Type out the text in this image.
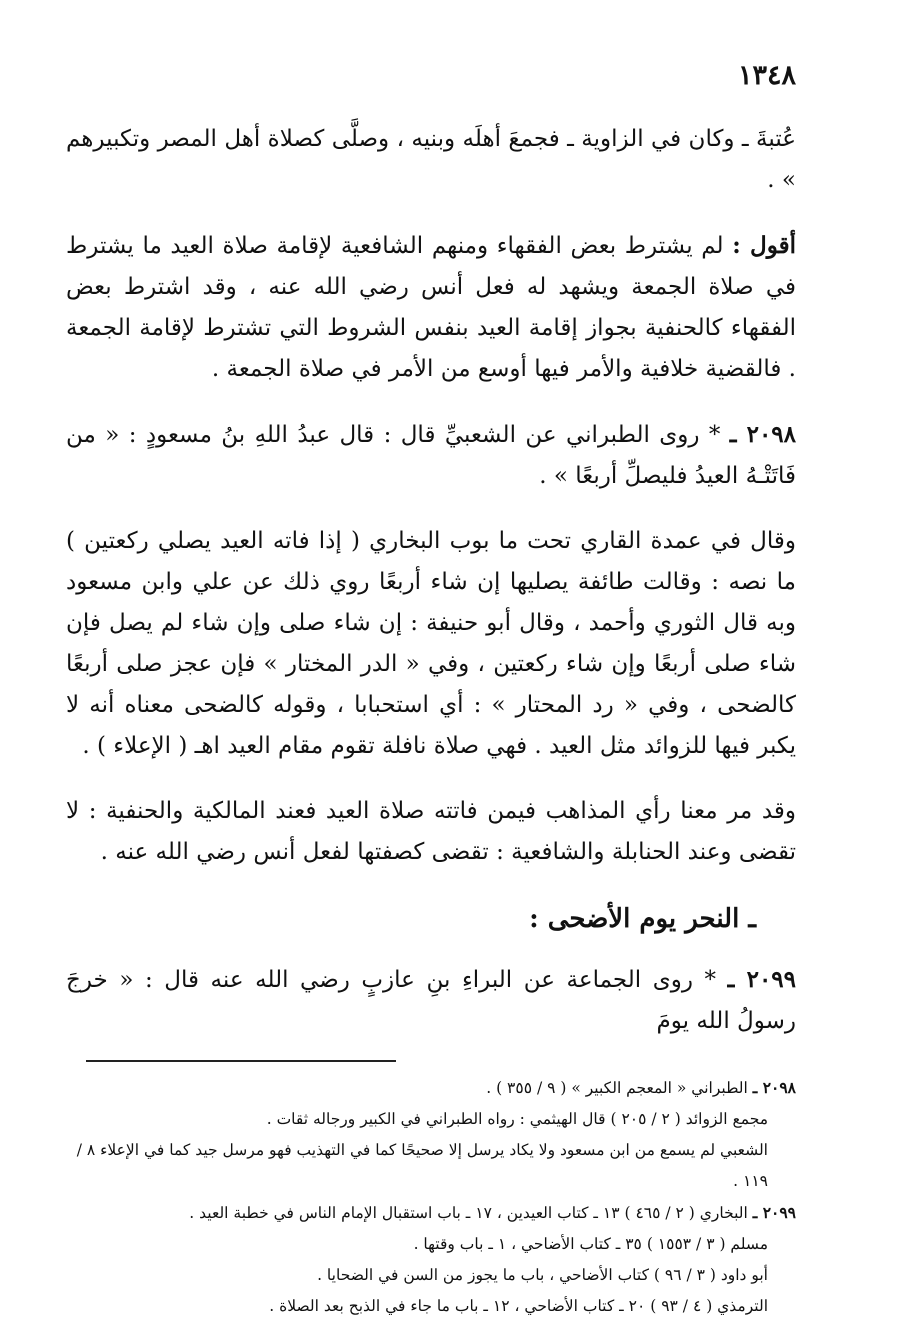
١٣٤٨

عُتبةَ ـ وكان في الزاوية ـ فجمعَ أهلَه وبنيه ، وصلَّى كصلاة أهل المصر وتكبيرهم » .

أقول : لم يشترط بعض الفقهاء ومنهم الشافعية لإقامة صلاة العيد ما يشترط في صلاة الجمعة ويشهد له فعل أنس رضي الله عنه ، وقد اشترط بعض الفقهاء كالحنفية بجواز إقامة العيد بنفس الشروط التي تشترط لإقامة الجمعة . فالقضية خلافية والأمر فيها أوسع من الأمر في صلاة الجمعة .

٢٠٩٨ ـ * روى الطبراني عن الشعبيِّ قال : قال عبدُ اللهِ بنُ مسعودٍ : « من فَاتَتْـهُ العيدُ فليصلِّ أربعًا » .

وقال في عمدة القاري تحت ما بوب البخاري ( إذا فاته العيد يصلي ركعتين ) ما نصه : وقالت طائفة يصليها إن شاء أربعًا روي ذلك عن علي وابن مسعود وبه قال الثوري وأحمد ، وقال أبو حنيفة : إن شاء صلى وإن شاء لم يصل فإن شاء صلى أربعًا وإن شاء ركعتين ، وفي « الدر المختار » فإن عجز صلى أربعًا كالضحى ، وفي « رد المحتار » : أي استحبابا ، وقوله كالضحى معناه أنه لا يكبر فيها للزوائد مثل العيد . فهي صلاة نافلة تقوم مقام العيد اهـ ( الإعلاء ) .

وقد مر معنا رأي المذاهب فيمن فاتته صلاة العيد فعند المالكية والحنفية : لا تقضى وعند الحنابلة والشافعية : تقضى كصفتها لفعل أنس رضي الله عنه .

ـ النحر يوم الأضحى :

٢٠٩٩ ـ * روى الجماعة عن البراءِ بنِ عازبٍ رضي الله عنه قال : « خرجَ رسولُ الله يومَ

٢٠٩٨ ـ الطبراني « المعجم الكبير » ( ٩ / ٣٥٥ ) .
مجمع الزوائد ( ٢ / ٢٠٥ ) قال الهيثمي : رواه الطبراني في الكبير ورجاله ثقات .
الشعبي لم يسمع من ابن مسعود ولا يكاد يرسل إلا صحيحًا كما في التهذيب فهو مرسل جيد كما في الإعلاء ٨ / ١١٩ .
٢٠٩٩ ـ البخاري ( ٢ / ٤٦٥ ) ١٣ ـ كتاب العيدين ، ١٧ ـ باب استقبال الإمام الناس في خطبة العيد .
مسلم ( ٣ / ١٥٥٣ ) ٣٥ ـ كتاب الأضاحي ، ١ ـ باب وقتها .
أبو داود ( ٣ / ٩٦ ) كتاب الأضاحي ، باب ما يجوز من السن في الضحايا .
الترمذي ( ٤ / ٩٣ ) ٢٠ ـ كتاب الأضاحي ، ١٢ ـ باب ما جاء في الذبح بعد الصلاة .
